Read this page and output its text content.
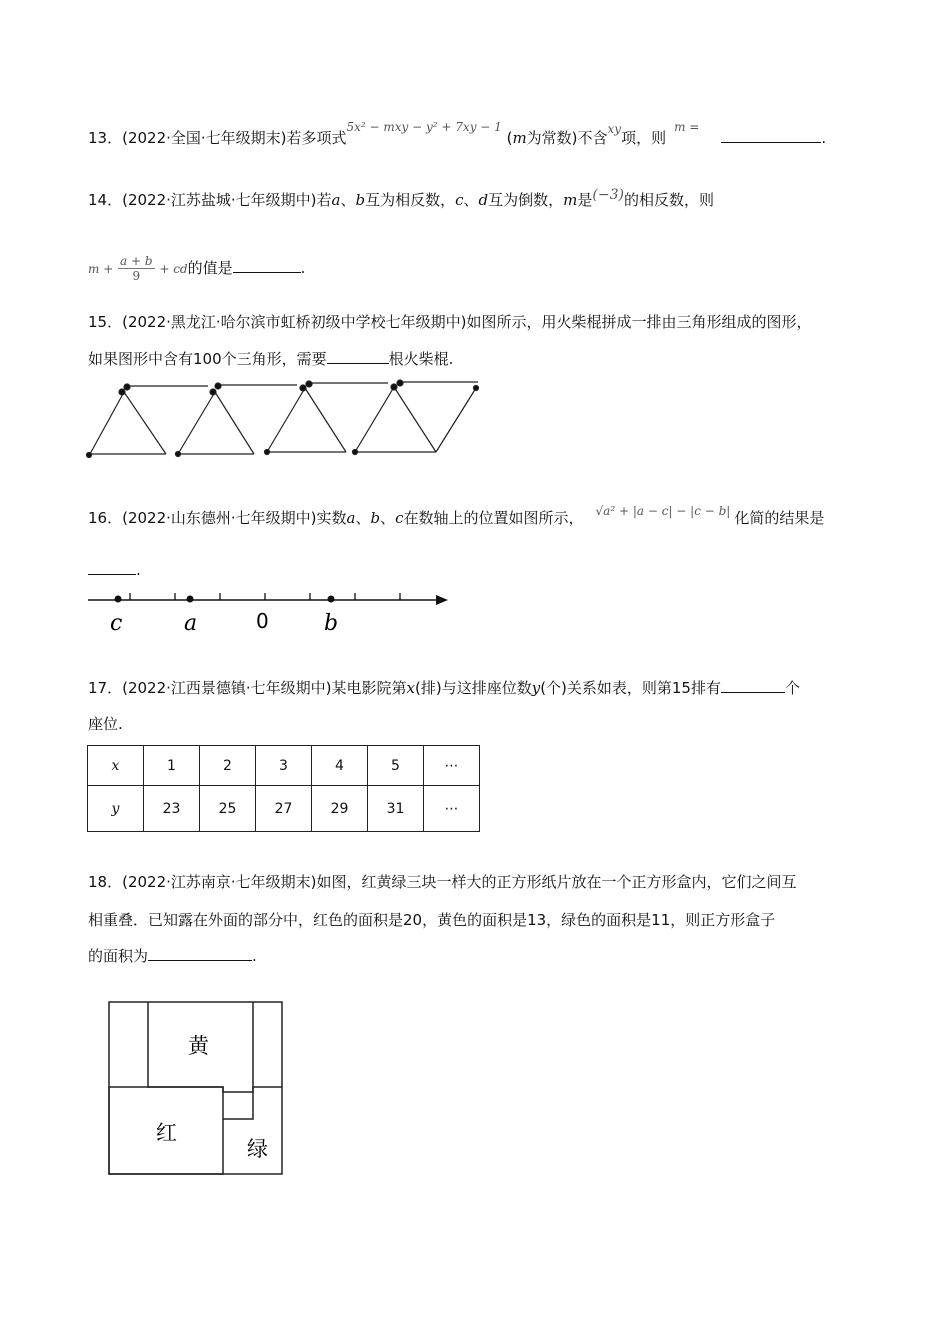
13．(2022·全国·七年级期末)若多项式$^{5x^2 - mxy - y^2 + 7xy - 1}$ (m为常数)不含$^{xy}$项，则$^{m =}$.
14．(2022·江苏盐城·七年级期中)若a、b互为相反数，c、d互为倒数，m是(−3)的相反数，则
$m + \frac{a + b}{9}$ + cd的值是	.
15．(2022·黑龙江·哈尔滨市虹桥初级中学校七年级期中)如图所示，用火柴棍拼成一排由三角形组成的图形，
如果图形中含有100个三角形，需要	根火柴棍.
16．(2022·山东德州·七年级期中)实数a、b、c在数轴上的位置如图所示， $^{√a^2 + |a - c| - |c - b|}$ 化简的结果是
.
c	a	0	b
17．(2022·江西景德镇·七年级期中)某电影院第x(排)与这排座位数y(个)关系如表，则第15排有	个
座位.
x	1	2	3	4	5	⋯
y	23	25	27	29	31	⋯
18．(2022·江苏南京·七年级期末)如图，红黄绿三块一样大的正方形纸片放在一个正方形盒内，它们之间互
相重叠．已知露在外面的部分中，红色的面积是20，黄色的面积是13，绿色的面积是11，则正方形盒子
的面积为	.
黄
红
绿
